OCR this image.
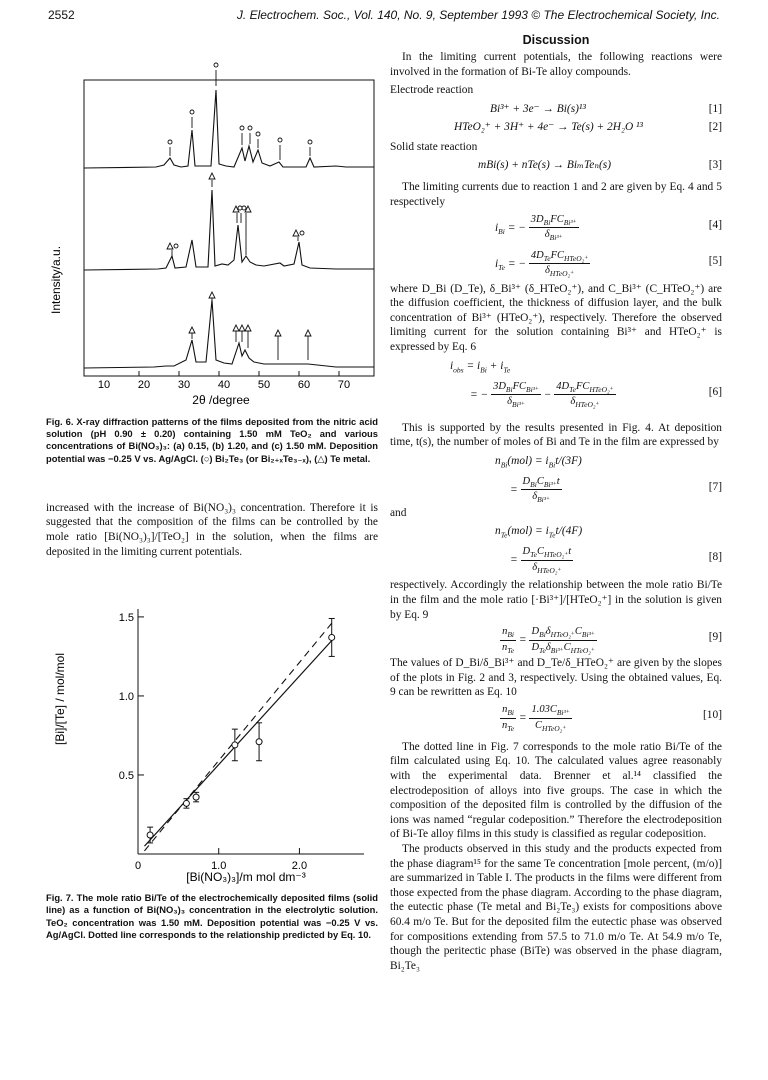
2552	J. Electrochem. Soc., Vol. 140, No. 9, September 1993 © The Electrochemical Society, Inc.
Intensity/a.u.
10	20	30	40	50	60	70
2θ /degree

Fig. 6. X-ray diffraction patterns of the films deposited from the nitric acid solution (pH 0.90 ± 0.20) containing 1.50 mM TeO₂ and various concentrations of Bi(NO₃)₃: (a) 0.15, (b) 1.20, and (c) 1.50 mM. Deposition potential was −0.25 V vs. Ag/AgCl. (○) Bi₂Te₃ (or Bi₂₊ₓTe₃₋ₓ), (△) Te metal.

increased with the increase of Bi(NO₃)₃ concentration. Therefore it is suggested that the composition of the films can be controlled by the mole ratio [Bi(NO₃)₃]/[TeO₂] in the solution, when the films are deposited in the limiting current potentials.

[Bi]/[Te] / mol/mol
0.5
1.0
1.5
0	1.0	2.0
[Bi(NO₃)₃]/m mol dm⁻³

Fig. 7. The mole ratio Bi/Te of the electrochemically deposited films (solid line) as a function of Bi(NO₃)₃ concentration in the electrolytic solution. TeO₂ concentration was 1.50 mM. Deposition potential was −0.25 V vs. Ag/AgCl. Dotted line corresponds to the relationship predicted by Eq. 10.

Discussion

In the limiting current potentials, the following reactions were involved in the formation of Bi-Te alloy compounds.

Electrode reaction

Bi³⁺ + 3e⁻ → Bi(s)¹³	[1]
HTeO₂⁺ + 3H⁺ + 4e⁻ → Te(s) + 2H₂O ¹³	[2]

Solid state reaction

mBi(s) + nTe(s) → BiₘTeₙ(s)	[3]

The limiting currents due to reaction 1 and 2 are given by Eq. 4 and 5 respectively

$i_{Bi}$ = − $\frac{3D_{Bi}FC_{Bi^{3+}}}{\delta_{Bi^{3+}}}$	[4]
$i_{Te}$ = − $\frac{4D_{Te}FC_{HTeO_2^+}}{\delta_{HTeO_2^+}}$	[5]

where D_Bi (D_Te), δ_Bi³⁺ (δ_HTeO₂⁺), and C_Bi³⁺ (C_HTeO₂⁺) are the diffusion coefficient, the thickness of diffusion layer, and the bulk concentration of Bi³⁺ (HTeO₂⁺), respectively. Therefore the observed limiting current for the solution containing Bi³⁺ and HTeO₂⁺ is expressed by Eq. 6

$i_{obs} = i_{Bi} + i_{Te}$
= − $\frac{3D_{Bi}FC_{Bi^{3+}}}{\delta_{Bi^{3+}}} - \frac{4D_{Te}FC_{HTeO_2^+}}{\delta_{HTeO_2^+}}$	[6]

This is supported by the results presented in Fig. 4. At deposition time, t(s), the number of moles of Bi and Te in the film are expressed by

$n_{Bi}(mol) = i_{Bi}t/(3F)$
= $\frac{D_{Bi}C_{Bi^{3+}}t}{\delta_{Bi^{3+}}}$	[7]

and

$n_{Te}(mol) = i_{Te}t/(4F)$
= $\frac{D_{Te}C_{HTeO_2^+}t}{\delta_{HTeO_2^+}}$	[8]

respectively. Accordingly the relationship between the mole ratio Bi/Te in the film and the mole ratio [·Bi³⁺]/[HTeO₂⁺] in the solution is given by Eq. 9

$\frac{n_{Bi}}{n_{Te}} = \frac{D_{Bi}\delta_{HTeO_2^+}C_{Bi^{3+}}}{D_{Te}\delta_{Bi^{3+}}C_{HTeO_2^+}}$	[9]

The values of D_Bi/δ_Bi³⁺ and D_Te/δ_HTeO₂⁺ are given by the slopes of the plots in Fig. 2 and 3, respectively. Using the obtained values, Eq. 9 can be rewritten as Eq. 10

$\frac{n_{Bi}}{n_{Te}} = \frac{1.03C_{Bi^{3+}}}{C_{HTeO_2^+}}$	[10]

The dotted line in Fig. 7 corresponds to the mole ratio Bi/Te of the film calculated using Eq. 10. The calculated values agree reasonably with the experimental data. Brenner et al.¹⁴ classified the electrodeposition of alloys into five groups. The case in which the composition of the deposited film is controlled by the diffusion of the ions was named “regular codeposition.” Therefore the electrodeposition of Bi-Te alloy films in this study is classified as regular codeposition.

The products observed in this study and the products expected from the phase diagram¹⁵ for the same Te concentration [mole percent, (m/o)] are summarized in Table I. The products in the films were different from those expected from the phase diagram. According to the phase diagram, the eutectic phase (Te metal and Bi₂Te₃) exists for compositions above 60.4 m/o Te. But for the deposited film the eutectic phase was observed for compositions extending from 57.5 to 71.0 m/o Te. At 54.9 m/o Te, though the peritectic phase (BiTe) was observed in the phase diagram, Bi₂Te₃
